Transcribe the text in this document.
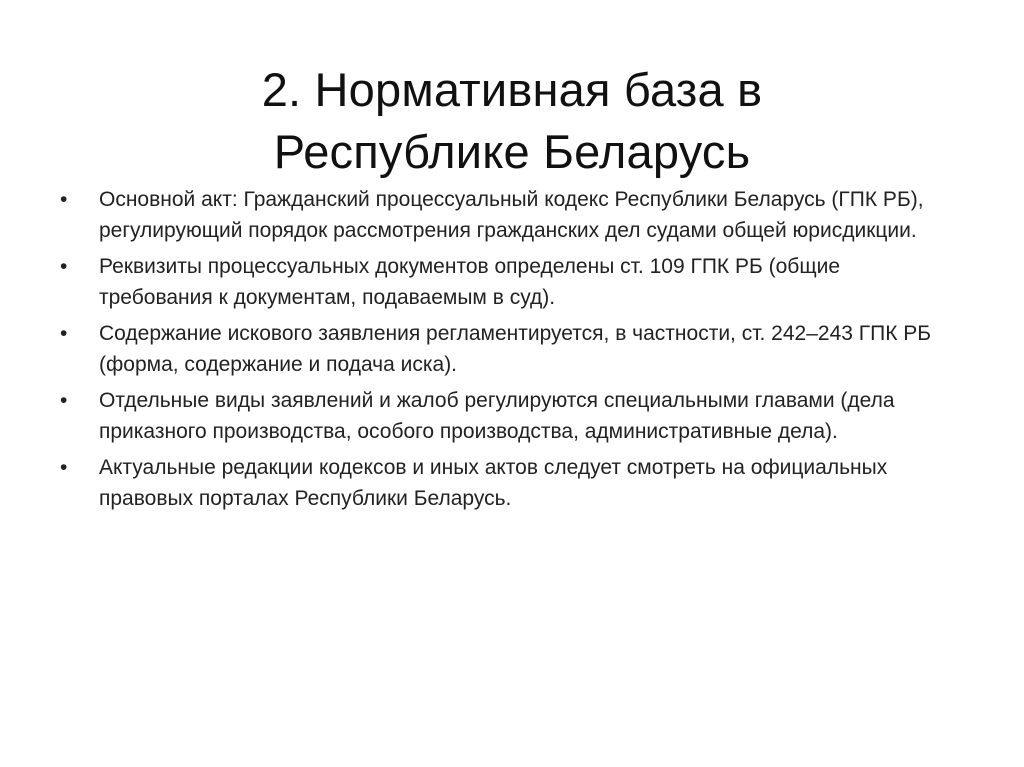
2. Нормативная база в
Республике Беларусь
•	Основной акт: Гражданский процессуальный кодекс Республики Беларусь (ГПК РБ), регулирующий порядок рассмотрения гражданских дел судами общей юрисдикции.
•	Реквизиты процессуальных документов определены ст. 109 ГПК РБ (общие требования к документам, подаваемым в суд).
•	Содержание искового заявления регламентируется, в частности, ст. 242–243 ГПК РБ (форма, содержание и подача иска).
•	Отдельные виды заявлений и жалоб регулируются специальными главами (дела приказного производства, особого производства, административные дела).
•	Актуальные редакции кодексов и иных актов следует смотреть на официальных правовых порталах Республики Беларусь.
